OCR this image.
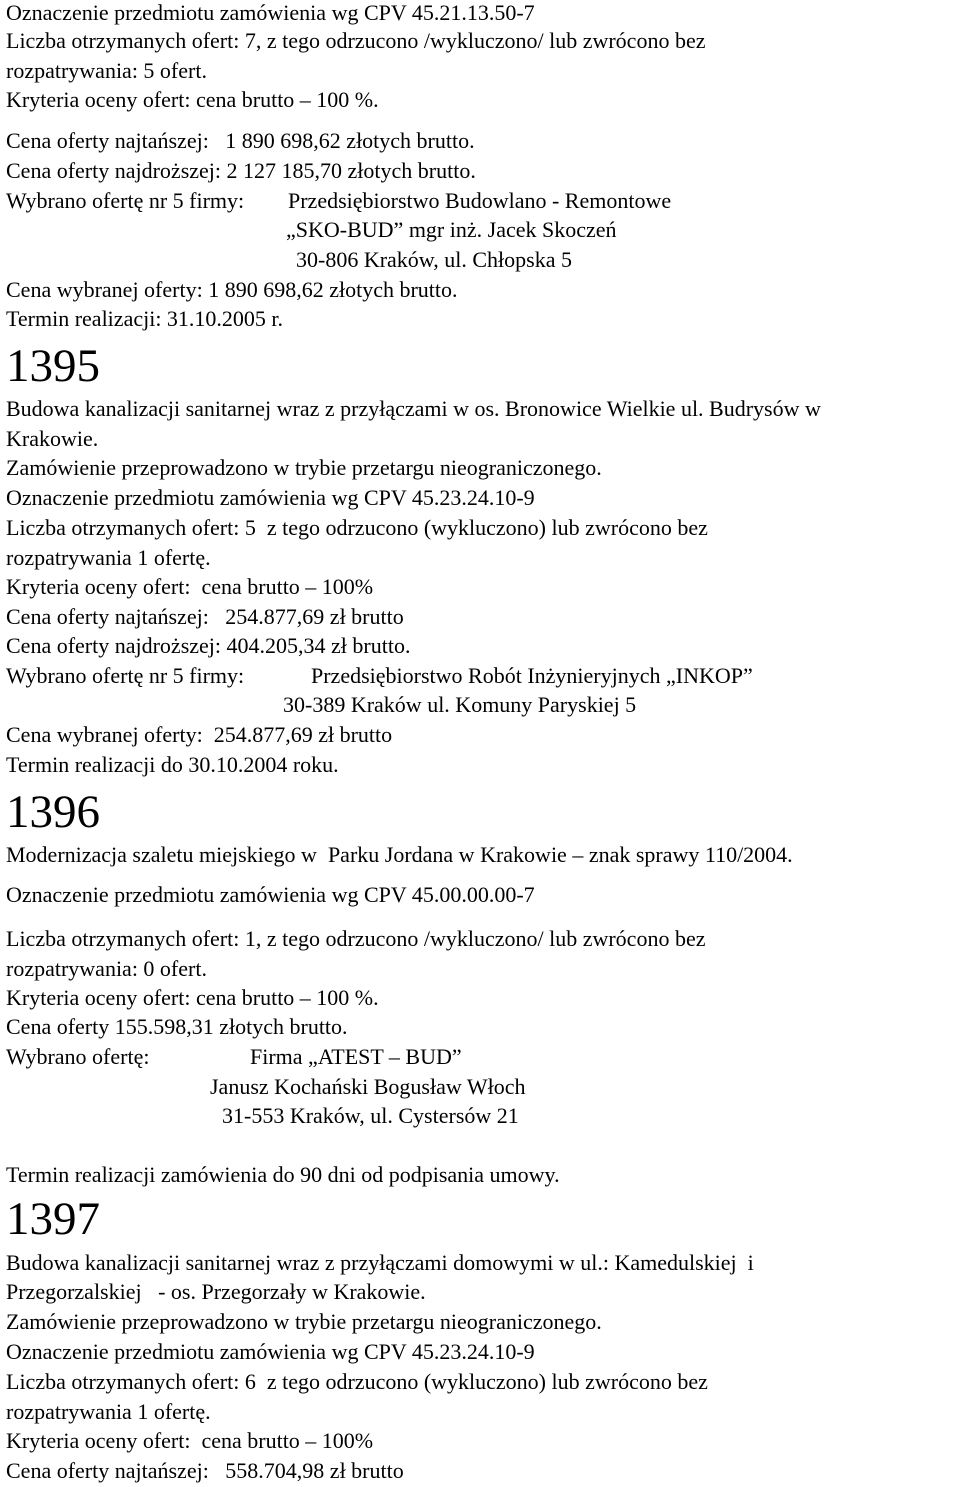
Oznaczenie przedmiotu zamówienia wg CPV 45.21.13.50-7
Liczba otrzymanych ofert: 7, z tego odrzucono /wykluczono/ lub zwrócono bez
rozpatrywania: 5 ofert.
Kryteria oceny ofert: cena brutto – 100 %.
Cena oferty najtańszej:   1 890 698,62 złotych brutto.
Cena oferty najdroższej: 2 127 185,70 złotych brutto.
Wybrano ofertę nr 5 firmy: Przedsiębiorstwo Budowlano - Remontowe
„SKO-BUD” mgr inż. Jacek Skoczeń
30-806 Kraków, ul. Chłopska 5
Cena wybranej oferty: 1 890 698,62 złotych brutto.
Termin realizacji: 31.10.2005 r.
1395
Budowa kanalizacji sanitarnej wraz z przyłączami w os. Bronowice Wielkie ul. Budrysów w
Krakowie.
Zamówienie przeprowadzono w trybie przetargu nieograniczonego.
Oznaczenie przedmiotu zamówienia wg CPV 45.23.24.10-9
Liczba otrzymanych ofert: 5  z tego odrzucono (wykluczono) lub zwrócono bez
rozpatrywania 1 ofertę.
Kryteria oceny ofert:  cena brutto – 100%
Cena oferty najtańszej:   254.877,69 zł brutto
Cena oferty najdroższej: 404.205,34 zł brutto.
Wybrano ofertę nr 5 firmy:	Przedsiębiorstwo Robót Inżynieryjnych „INKOP”
30-389 Kraków ul. Komuny Paryskiej 5
Cena wybranej oferty:  254.877,69 zł brutto
Termin realizacji do 30.10.2004 roku.
1396
Modernizacja szaletu miejskiego w  Parku Jordana w Krakowie – znak sprawy 110/2004.
Oznaczenie przedmiotu zamówienia wg CPV 45.00.00.00-7
Liczba otrzymanych ofert: 1, z tego odrzucono /wykluczono/ lub zwrócono bez
rozpatrywania: 0 ofert.
Kryteria oceny ofert: cena brutto – 100 %.
Cena oferty 155.598,31 złotych brutto.
Wybrano ofertę:	Firma „ATEST – BUD”
Janusz Kochański Bogusław Włoch
31-553 Kraków, ul. Cystersów 21
Termin realizacji zamówienia do 90 dni od podpisania umowy.
1397
Budowa kanalizacji sanitarnej wraz z przyłączami domowymi w ul.: Kamedulskiej  i
Przegorzalskiej   - os. Przegorzały w Krakowie.
Zamówienie przeprowadzono w trybie przetargu nieograniczonego.
Oznaczenie przedmiotu zamówienia wg CPV 45.23.24.10-9
Liczba otrzymanych ofert: 6  z tego odrzucono (wykluczono) lub zwrócono bez
rozpatrywania 1 ofertę.
Kryteria oceny ofert:  cena brutto – 100%
Cena oferty najtańszej:   558.704,98 zł brutto
